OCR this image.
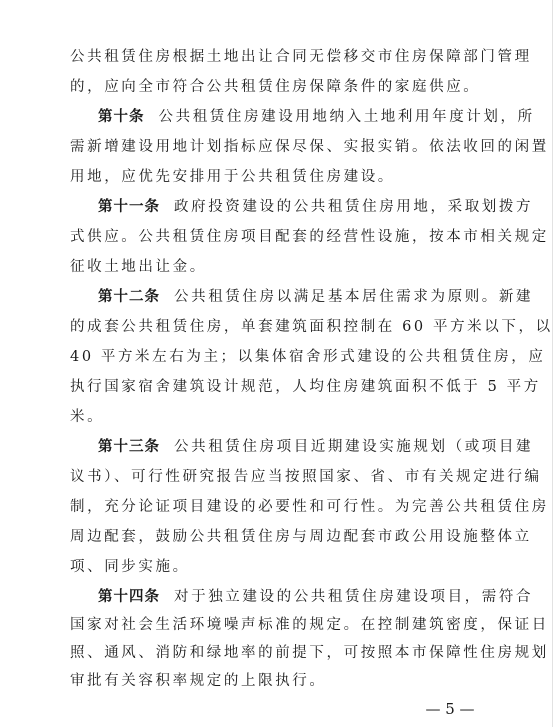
公共租赁住房根据土地出让合同无偿移交市住房保障部门管理
的，应向全市符合公共租赁住房保障条件的家庭供应。
第十条 公共租赁住房建设用地纳入土地利用年度计划，所
需新增建设用地计划指标应保尽保、实报实销。依法收回的闲置
用地，应优先安排用于公共租赁住房建设。
第十一条 政府投资建设的公共租赁住房用地，采取划拨方
式供应。公共租赁住房项目配套的经营性设施，按本市相关规定
征收土地出让金。
第十二条 公共租赁住房以满足基本居住需求为原则。新建
的成套公共租赁住房，单套建筑面积控制在 60 平方米以下，以
40 平方米左右为主；以集体宿舍形式建设的公共租赁住房，应
执行国家宿舍建筑设计规范，人均住房建筑面积不低于 5 平方
米。
第十三条 公共租赁住房项目近期建设实施规划（或项目建
议书）、可行性研究报告应当按照国家、省、市有关规定进行编
制，充分论证项目建设的必要性和可行性。为完善公共租赁住房
周边配套，鼓励公共租赁住房与周边配套市政公用设施整体立
项、同步实施。
第十四条 对于独立建设的公共租赁住房建设项目，需符合
国家对社会生活环境噪声标准的规定。在控制建筑密度，保证日
照、通风、消防和绿地率的前提下，可按照本市保障性住房规划
审批有关容积率规定的上限执行。
— 5 —
